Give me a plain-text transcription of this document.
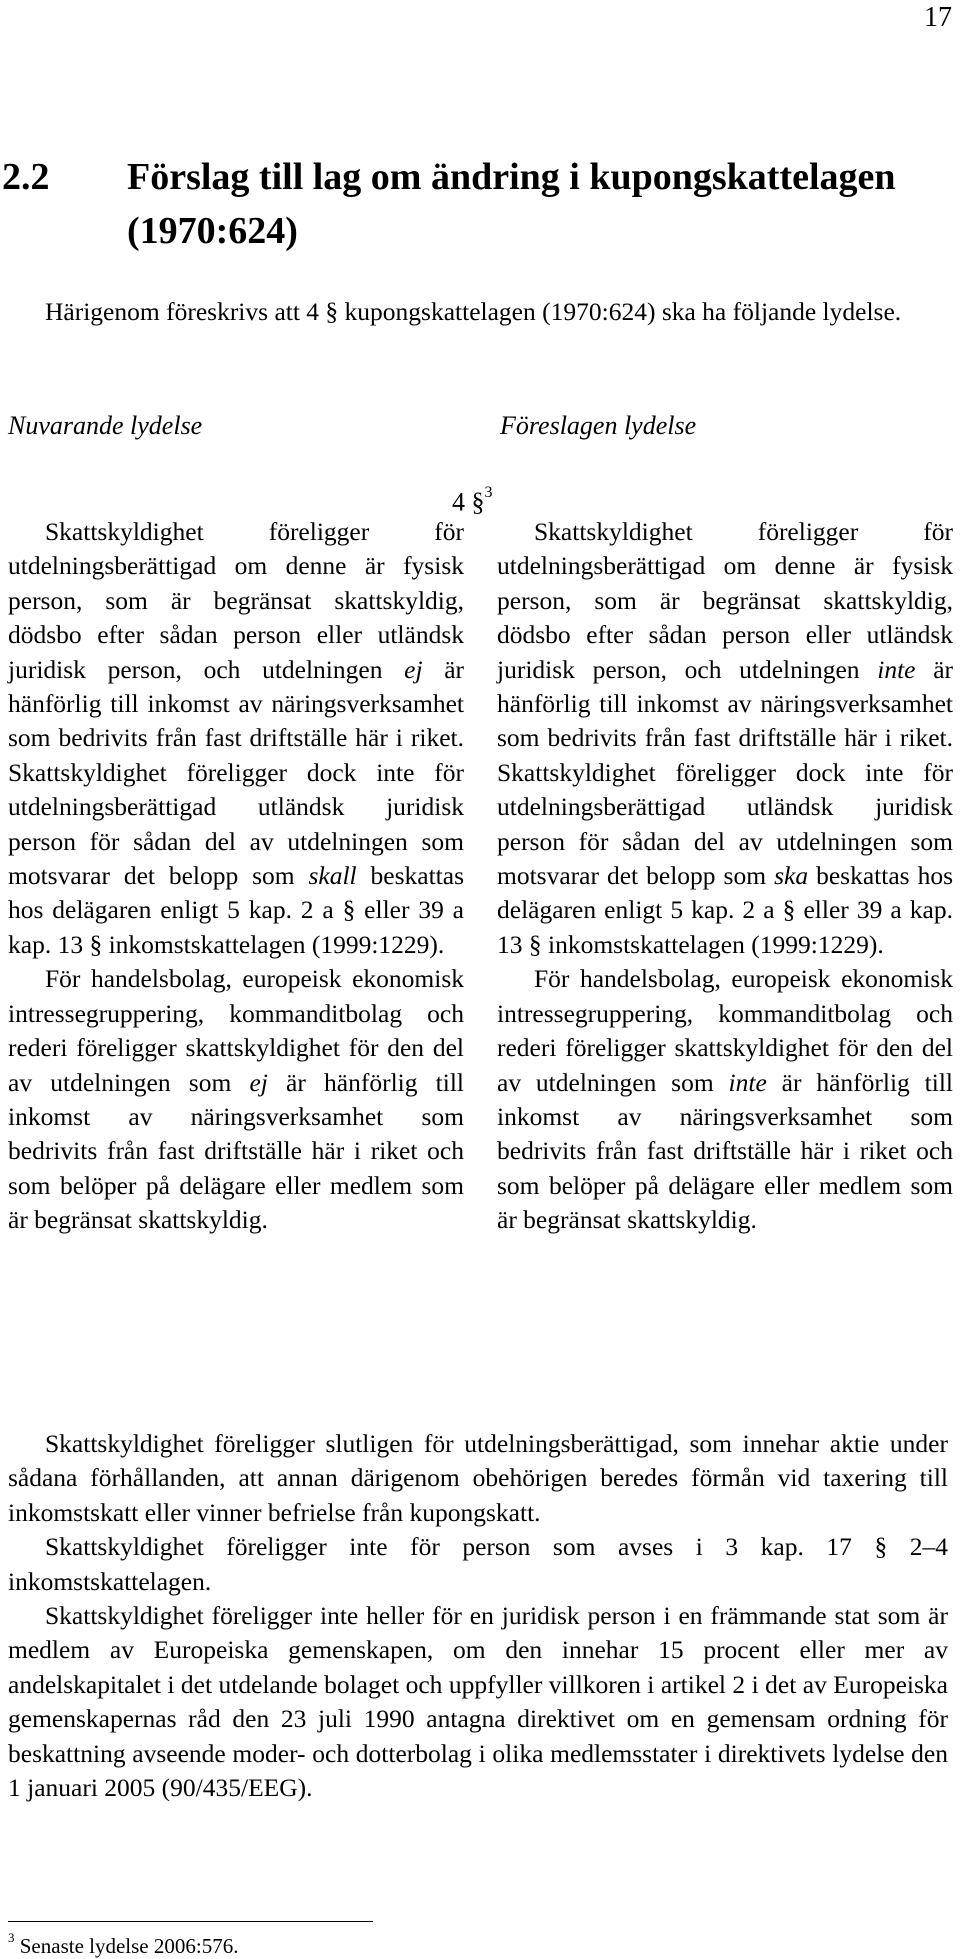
17
2.2 Förslag till lag om ändring i kupongskattelagen (1970:624)
Härigenom föreskrivs att 4 § kupongskattelagen (1970:624) ska ha följande lydelse.
Nuvarande lydelse	Föreslagen lydelse
4 §$^3$

Skattskyldighet föreligger för utdelningsberättigad om denne är fysisk person, som är begränsat skattskyldig, dödsbo efter sådan person eller utländsk juridisk person, och utdelningen ej är hänförlig till inkomst av näringsverksamhet som bedrivits från fast driftställe här i riket. Skattskyldighet föreligger dock inte för utdelningsberättigad utländsk juridisk person för sådan del av utdelningen som motsvarar det belopp som skall beskattas hos delägaren enligt 5 kap. 2 a § eller 39 a kap. 13 § inkomstskattelagen (1999:1229).

För handelsbolag, europeisk ekonomisk intressegruppering, kommanditbolag och rederi föreligger skattskyldighet för den del av utdelningen som ej är hänförlig till inkomst av näringsverksamhet som bedrivits från fast driftställe här i riket och som belöper på delägare eller medlem som är begränsat skattskyldig.

Skattskyldighet föreligger för utdelningsberättigad om denne är fysisk person, som är begränsat skattskyldig, dödsbo efter sådan person eller utländsk juridisk person, och utdelningen inte är hänförlig till inkomst av näringsverksamhet som bedrivits från fast driftställe här i riket. Skattskyldighet föreligger dock inte för utdelningsberättigad utländsk juridisk person för sådan del av utdelningen som motsvarar det belopp som ska beskattas hos delägaren enligt 5 kap. 2 a § eller 39 a kap. 13 § inkomstskattelagen (1999:1229).

För handelsbolag, europeisk ekonomisk intressegruppering, kommanditbolag och rederi föreligger skattskyldighet för den del av utdelningen som inte är hänförlig till inkomst av näringsverksamhet som bedrivits från fast driftställe här i riket och som belöper på delägare eller medlem som är begränsat skattskyldig.

Skattskyldighet föreligger slutligen för utdelningsberättigad, som innehar aktie under sådana förhållanden, att annan därigenom obehörigen beredes förmån vid taxering till inkomstskatt eller vinner befrielse från kupongskatt.

Skattskyldighet föreligger inte för person som avses i 3 kap. 17 § 2–4 inkomstskattelagen.

Skattskyldighet föreligger inte heller för en juridisk person i en främmande stat som är medlem av Europeiska gemenskapen, om den innehar 15 procent eller mer av andelskapitalet i det utdelande bolaget och uppfyller villkoren i artikel 2 i det av Europeiska gemenskapernas råd den 23 juli 1990 antagna direktivet om en gemensam ordning för beskattning avseende moder- och dotterbolag i olika medlemsstater i direktivets lydelse den 1 januari 2005 (90/435/EEG).

$^3$ Senaste lydelse 2006:576.
